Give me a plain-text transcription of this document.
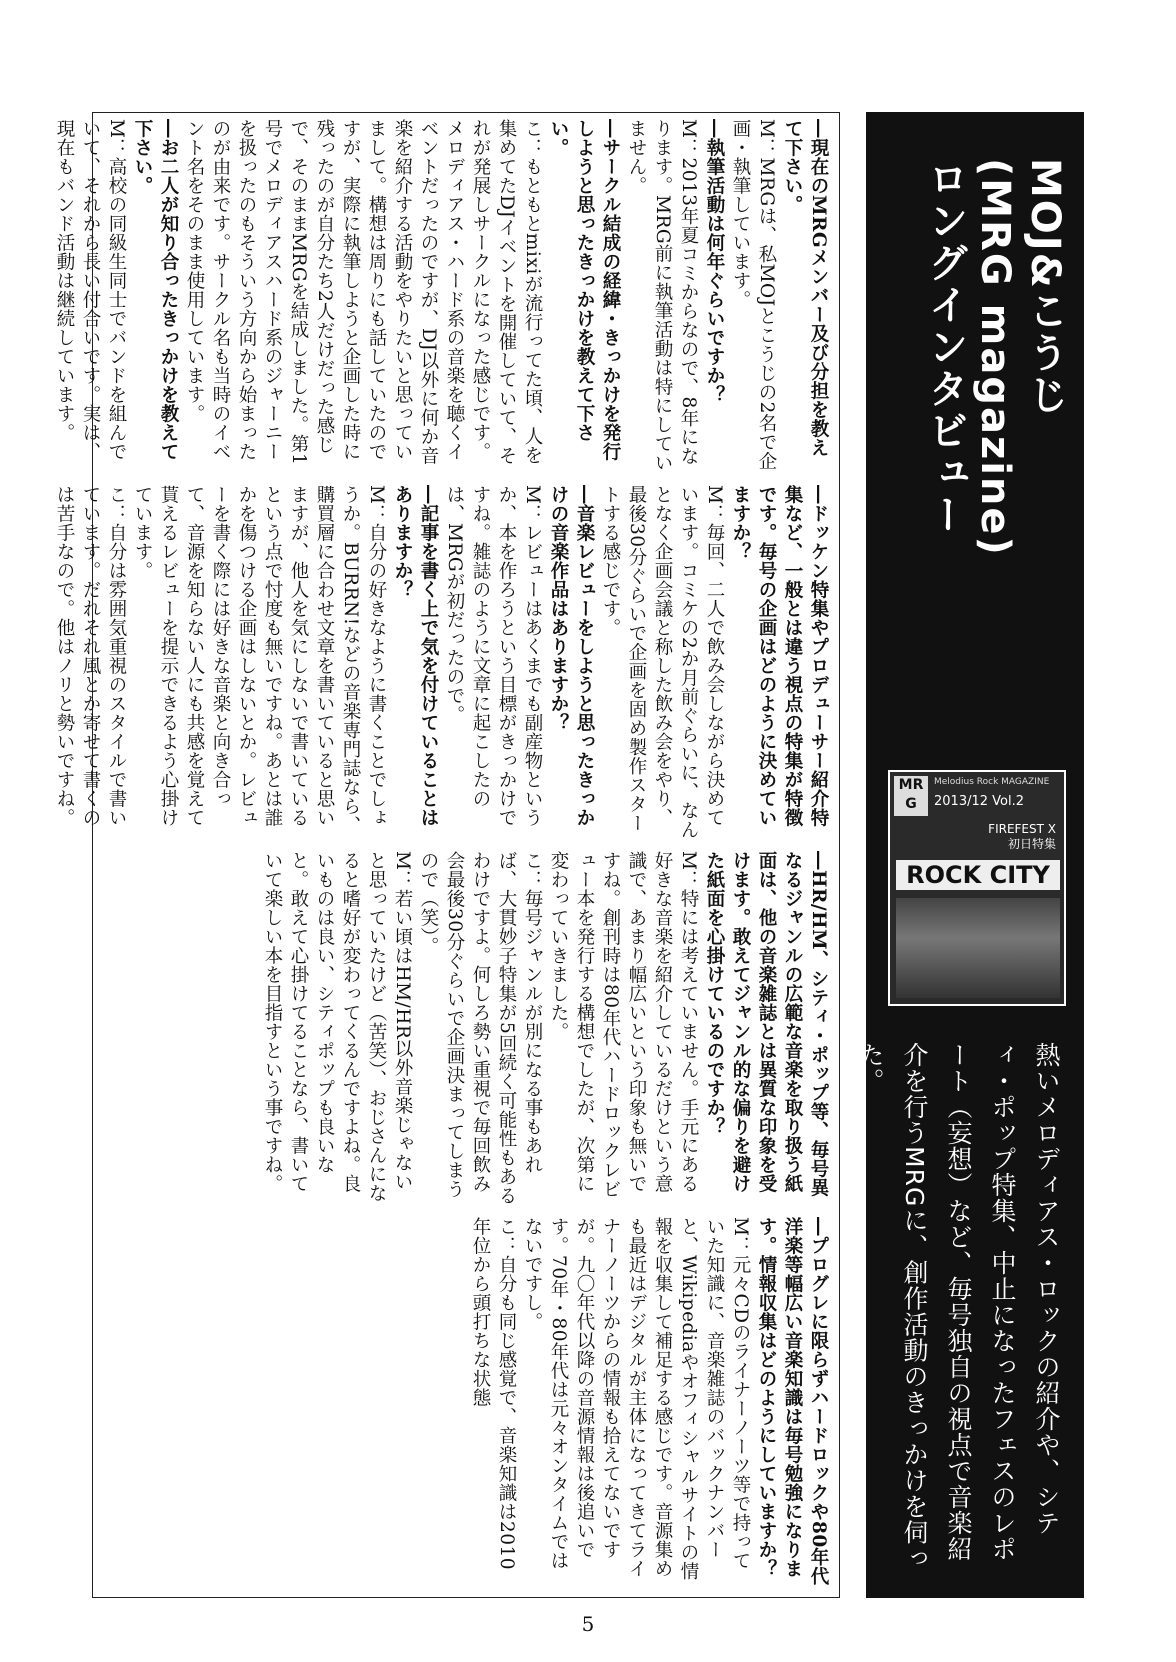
―現在のMRGメンバー及び分担を教えて下さい。

M：MRGは、私MOJとこうじの2名で企画・執筆しています。

―執筆活動は何年ぐらいですか？

M：2013年夏コミからなので、8年になります。MRG前に執筆活動は特にしていません。

―サークル結成の経緯・きっかけを発行しようと思ったきっかけを教えて下さい。

こ：もともとmixiが流行ってた頃、人を集めてたDJイベントを開催していて、それが発展しサークルになった感じです。メロディアス・ハード系の音楽を聴くイベントだったのですが、DJ以外に何か音楽を紹介する活動をやりたいと思っていまして。構想は周りにも話していたのですが、実際に執筆しようと企画した時に残ったのが自分たち2人だけだった感じで、そのままMRGを結成しました。第1号でメロディアスハード系のジャーニーを扱ったのもそういう方向から始まったのが由来です。サークル名も当時のイベント名をそのまま使用しています。

―お二人が知り合ったきっかけを教えて下さい。

M：高校の同級生同士でバンドを組んでいて、それから長い付合いです。実は、現在もバンド活動は継続しています。

―ドッケン特集やプロデューサー紹介特集など、一般とは違う視点の特集が特徴です。毎号の企画はどのように決めていますか？

M：毎回、二人で飲み会しながら決めています。コミケの2か月前ぐらいに、なんとなく企画会議と称した飲み会をやり、最後30分ぐらいで企画を固め製作スタートする感じです。

―音楽レビューをしようと思ったきっかけの音楽作品はありますか？

M：レビューはあくまでも副産物というか、本を作ろうという目標がきっかけですね。雑誌のように文章に起こしたのは、MRGが初だったので。

―記事を書く上で気を付けていることはありますか？

M：自分の好きなように書くことでしょうか。BURRN!などの音楽専門誌なら、購買層に合わせ文章を書いていると思いますが、他人を気にしないで書いているという点で忖度も無いですね。あとは誰かを傷つける企画はしないとか。レビューを書く際には好きな音楽と向き合って、音源を知らない人にも共感を覚えて貰えるレビューを提示できるよう心掛けています。

こ：自分は雰囲気重視のスタイルで書いています。だれそれ風とか寄せて書くのは苦手なので。他はノリと勢いですね。

―HR/HM、シティ・ポップ等、毎号異なるジャンルの広範な音楽を取り扱う紙面は、他の音楽雑誌とは異質な印象を受けます。敢えてジャンル的な偏りを避けた紙面を心掛けているのですか？

M：特には考えていません。手元にある好きな音楽を紹介しているだけという意識で、あまり幅広いという印象も無いですね。創刊時は80年代ハードロックレビュー本を発行する構想でしたが、次第に変わっていきました。

こ：毎号ジャンルが別になる事もあれば、大貫妙子特集が5回続く可能性もあるわけですよ。何しろ勢い重視で毎回飲み会最後30分ぐらいで企画決まってしまうので（笑）。

M：若い頃はHM/HR以外音楽じゃないと思っていたけど（苦笑）、おじさんになると嗜好が変わってくるんですよね。良いものは良い、シティポップも良いなと。敢えて心掛けてることなら、書いていて楽しい本を目指すという事ですね。

―プログレに限らずハードロックや80年代洋楽等幅広い音楽知識は毎号勉強になります。情報収集はどのようにしていますか？

M：元々CDのライナーノーツ等で持っていた知識に、音楽雑誌のバックナンバーと、Wikipediaやオフィシャルサイトの情報を収集して補足する感じです。音源集めも最近はデジタルが主体になってきてライナーノーツからの情報も拾えてないですが。九〇年代以降の音源情報は後追いです。70年・80年代は元々オンタイムではないですし。

こ：自分も同じ感覚で、音楽知識は2010年位から頭打ちな状態

MOJ&こうじ
(MRG magazine)
ロングインタビュー
MR
G
Melodius Rock MAGAZINE
2013/12 Vol.2
FIREFEST X
初日特集
ROCK CITY
熱いメロディアス・ロックの紹介や、シティ・ポップ特集、中止になったフェスのレポート（妄想）など、毎号独自の視点で音楽紹介を行うMRGに、創作活動のきっかけを伺った。
5
